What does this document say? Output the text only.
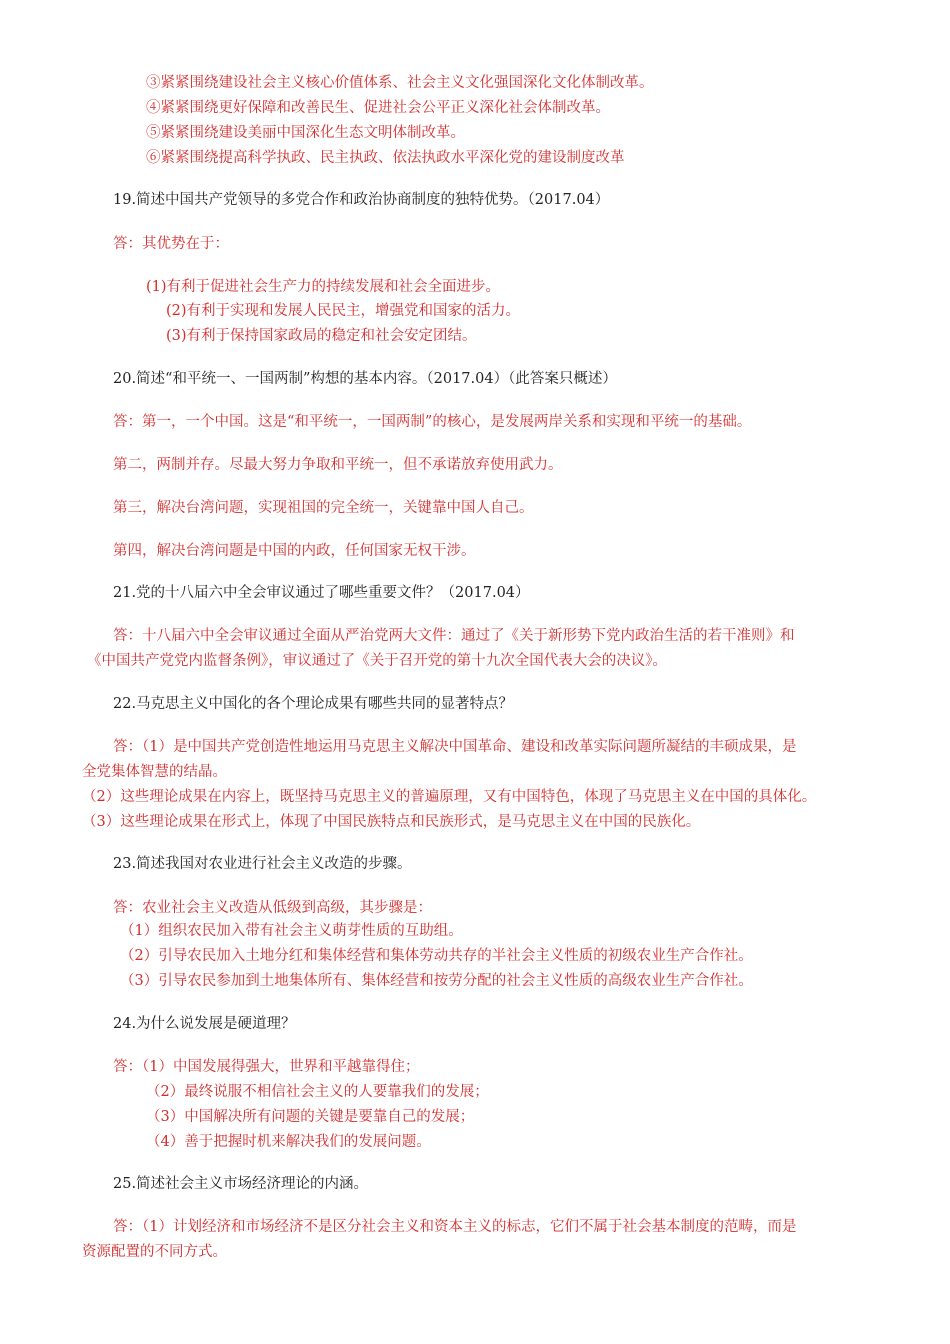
③紧紧围绕建设社会主义核心价值体系、社会主义文化强国深化文化体制改革。
④紧紧围绕更好保障和改善民生、促进社会公平正义深化社会体制改革。
⑤紧紧围绕建设美丽中国深化生态文明体制改革。
⑥紧紧围绕提高科学执政、民主执政、依法执政水平深化党的建设制度改革
19.简述中国共产党领导的多党合作和政治协商制度的独特优势。（2017.04）
答：其优势在于：
(1)有利于促进社会生产力的持续发展和社会全面进步。
(2)有利于实现和发展人民民主，增强党和国家的活力。
(3)有利于保持国家政局的稳定和社会安定团结。
20.简述“和平统一、一国两制”构想的基本内容。（2017.04）（此答案只概述）
答：第一，一个中国。这是“和平统一，一国两制”的核心，是发展两岸关系和实现和平统一的基础。
第二，两制并存。尽最大努力争取和平统一，但不承诺放弃使用武力。
第三，解决台湾问题，实现祖国的完全统一，关键靠中国人自己。
第四，解决台湾问题是中国的内政，任何国家无权干涉。
21.党的十八届六中全会审议通过了哪些重要文件？（2017.04）
答：十八届六中全会审议通过全面从严治党两大文件：通过了《关于新形势下党内政治生活的若干准则》和
《中国共产党党内监督条例》，审议通过了《关于召开党的第十九次全国代表大会的决议》。
22.马克思主义中国化的各个理论成果有哪些共同的显著特点？
答：（1）是中国共产党创造性地运用马克思主义解决中国革命、建设和改革实际问题所凝结的丰硕成果，是
全党集体智慧的结晶。
（2）这些理论成果在内容上，既坚持马克思主义的普遍原理，又有中国特色，体现了马克思主义在中国的具体化。
（3）这些理论成果在形式上，体现了中国民族特点和民族形式，是马克思主义在中国的民族化。
23.简述我国对农业进行社会主义改造的步骤。
答：农业社会主义改造从低级到高级，其步骤是：
（1）组织农民加入带有社会主义萌芽性质的互助组。
（2）引导农民加入土地分红和集体经营和集体劳动共存的半社会主义性质的初级农业生产合作社。
（3）引导农民参加到土地集体所有、集体经营和按劳分配的社会主义性质的高级农业生产合作社。
24.为什么说发展是硬道理？
答：（1）中国发展得强大，世界和平越靠得住；
（2）最终说服不相信社会主义的人要靠我们的发展；
（3）中国解决所有问题的关键是要靠自己的发展；
（4）善于把握时机来解决我们的发展问题。
25.简述社会主义市场经济理论的内涵。
答：（1）计划经济和市场经济不是区分社会主义和资本主义的标志，它们不属于社会基本制度的范畴，而是
资源配置的不同方式。
